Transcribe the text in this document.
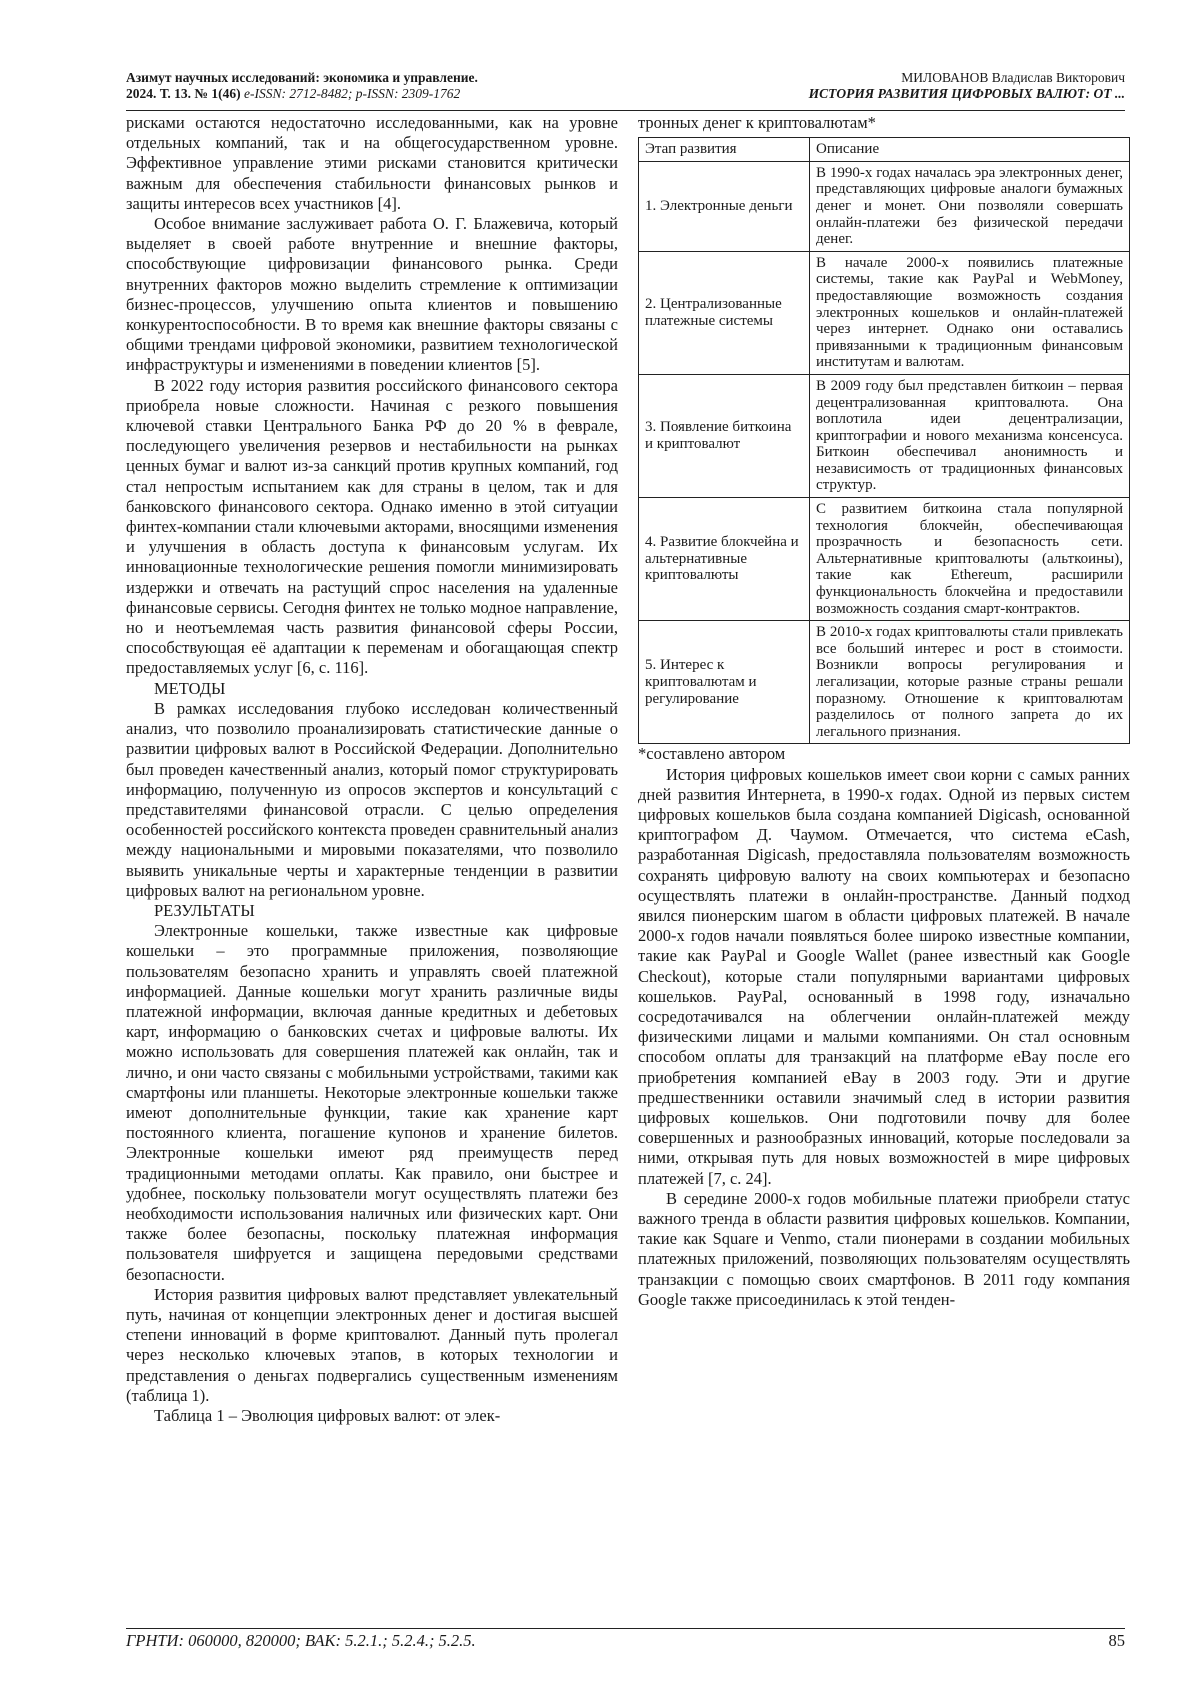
Азимут научных исследований: экономика и управление.
2024. Т. 13. № 1(46) e-ISSN: 2712-8482; p-ISSN: 2309-1762
МИЛОВАНОВ Владислав Викторович
ИСТОРИЯ РАЗВИТИЯ ЦИФРОВЫХ ВАЛЮТ: ОТ ...

рисками остаются недостаточно исследованными, как на уровне отдельных компаний, так и на общегосударственном уровне. Эффективное управление этими рисками становится критически важным для обеспечения стабильности финансовых рынков и защиты интересов всех участников [4].

Особое внимание заслуживает работа О. Г. Блажевича, который выделяет в своей работе внутренние и внешние факторы, способствующие цифровизации финансового рынка. Среди внутренних факторов можно выделить стремление к оптимизации бизнес-процессов, улучшению опыта клиентов и повышению конкурентоспособности. В то время как внешние факторы связаны с общими трендами цифровой экономики, развитием технологической инфраструктуры и изменениями в поведении клиентов [5].

В 2022 году история развития российского финансового сектора приобрела новые сложности. Начиная с резкого повышения ключевой ставки Центрального Банка РФ до 20 % в феврале, последующего увеличения резервов и нестабильности на рынках ценных бумаг и валют из-за санкций против крупных компаний, год стал непростым испытанием как для страны в целом, так и для банковского финансового сектора. Однако именно в этой ситуации финтех-компании стали ключевыми акторами, вносящими изменения и улучшения в область доступа к финансовым услугам. Их инновационные технологические решения помогли минимизировать издержки и отвечать на растущий спрос населения на удаленные финансовые сервисы. Сегодня финтех не только модное направление, но и неотъемлемая часть развития финансовой сферы России, способствующая её адаптации к переменам и обогащающая спектр предоставляемых услуг [6, с. 116].

МЕТОДЫ

В рамках исследования глубоко исследован количественный анализ, что позволило проанализировать статистические данные о развитии цифровых валют в Российской Федерации. Дополнительно был проведен качественный анализ, который помог структурировать информацию, полученную из опросов экспертов и консультаций с представителями финансовой отрасли. С целью определения особенностей российского контекста проведен сравнительный анализ между национальными и мировыми показателями, что позволило выявить уникальные черты и характерные тенденции в развитии цифровых валют на региональном уровне.

РЕЗУЛЬТАТЫ

Электронные кошельки, также известные как цифровые кошельки – это программные приложения, позволяющие пользователям безопасно хранить и управлять своей платежной информацией. Данные кошельки могут хранить различные виды платежной информации, включая данные кредитных и дебетовых карт, информацию о банковских счетах и цифровые валюты. Их можно использовать для совершения платежей как онлайн, так и лично, и они часто связаны с мобильными устройствами, такими как смартфоны или планшеты. Некоторые электронные кошельки также имеют дополнительные функции, такие как хранение карт постоянного клиента, погашение купонов и хранение билетов. Электронные кошельки имеют ряд преимуществ перед традиционными методами оплаты. Как правило, они быстрее и удобнее, поскольку пользователи могут осуществлять платежи без необходимости использования наличных или физических карт. Они также более безопасны, поскольку платежная информация пользователя шифруется и защищена передовыми средствами безопасности.

История развития цифровых валют представляет увлекательный путь, начиная от концепции электронных денег и достигая высшей степени инноваций в форме криптовалют. Данный путь пролегал через несколько ключевых этапов, в которых технологии и представления о деньгах подвергались существенным изменениям (таблица 1).

Таблица 1 – Эволюция цифровых валют: от элек-

тронных денег к криптовалютам*

Этап развития	Описание
1. Электронные деньги	В 1990-х годах началась эра электронных денег, представляющих цифровые аналоги бумажных денег и монет. Они позволяли совершать онлайн-платежи без физической передачи денег.
2. Централизованные платежные системы	В начале 2000-х появились платежные системы, такие как PayPal и WebMoney, предоставляющие возможность создания электронных кошельков и онлайн-платежей через интернет. Однако они оставались привязанными к традиционным финансовым институтам и валютам.
3. Появление биткоина и криптовалют	В 2009 году был представлен биткоин – первая децентрализованная криптовалюта. Она воплотила идеи децентрализации, криптографии и нового механизма консенсуса. Биткоин обеспечивал анонимность и независимость от традиционных финансовых структур.
4. Развитие блокчейна и альтернативные криптовалюты	С развитием биткоина стала популярной технология блокчейн, обеспечивающая прозрачность и безопасность сети. Альтернативные криптовалюты (альткоины), такие как Ethereum, расширили функциональность блокчейна и предоставили возможность создания смарт-контрактов.
5. Интерес к криптовалютам и регулирование	В 2010-х годах криптовалюты стали привлекать все больший интерес и рост в стоимости. Возникли вопросы регулирования и легализации, которые разные страны решали поразному. Отношение к криптовалютам разделилось от полного запрета до их легального признания.

*составлено автором

История цифровых кошельков имеет свои корни с самых ранних дней развития Интернета, в 1990-х годах. Одной из первых систем цифровых кошельков была создана компанией Digicash, основанной криптографом Д. Чаумом. Отмечается, что система eCash, разработанная Digicash, предоставляла пользователям возможность сохранять цифровую валюту на своих компьютерах и безопасно осуществлять платежи в онлайн-пространстве. Данный подход явился пионерским шагом в области цифровых платежей. В начале 2000-х годов начали появляться более широко известные компании, такие как PayPal и Google Wallet (ранее известный как Google Checkout), которые стали популярными вариантами цифровых кошельков. PayPal, основанный в 1998 году, изначально сосредотачивался на облегчении онлайн-платежей между физическими лицами и малыми компаниями. Он стал основным способом оплаты для транзакций на платформе eBay после его приобретения компанией eBay в 2003 году. Эти и другие предшественники оставили значимый след в истории развития цифровых кошельков. Они подготовили почву для более совершенных и разнообразных инноваций, которые последовали за ними, открывая путь для новых возможностей в мире цифровых платежей [7, с. 24].

В середине 2000-х годов мобильные платежи приобрели статус важного тренда в области развития цифровых кошельков. Компании, такие как Square и Venmo, стали пионерами в создании мобильных платежных приложений, позволяющих пользователям осуществлять транзакции с помощью своих смартфонов. В 2011 году компания Google также присоединилась к этой тенден-

ГРНТИ: 060000, 820000; ВАК: 5.2.1.; 5.2.4.; 5.2.5.	85
